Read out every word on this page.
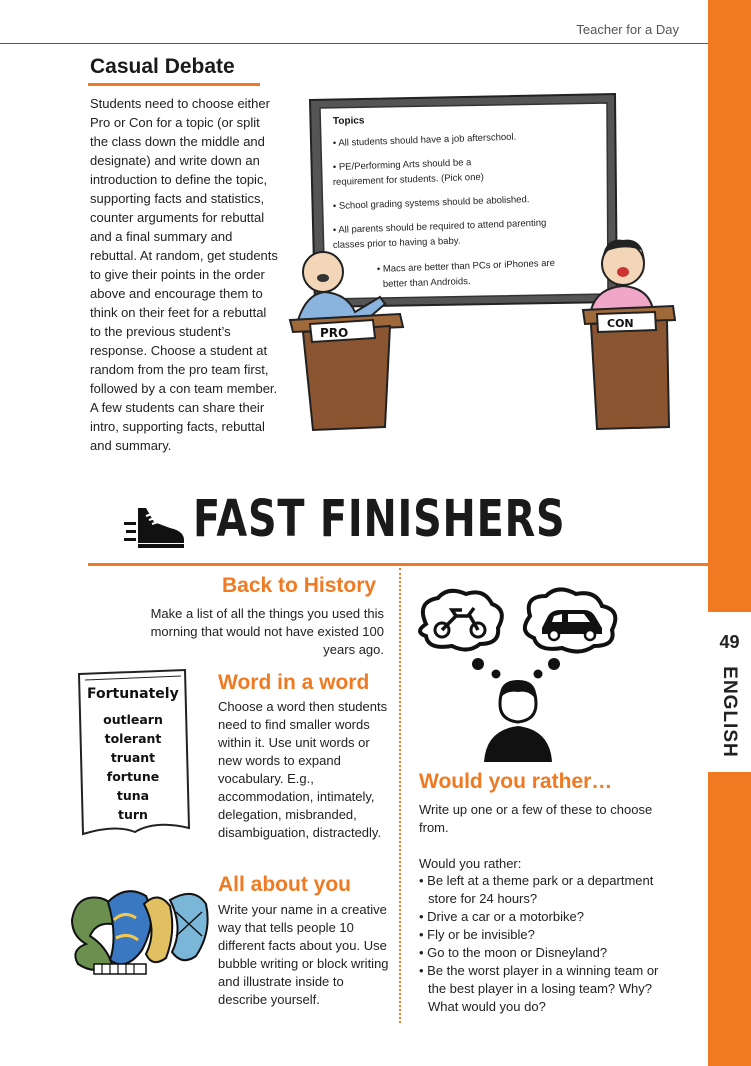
Teacher for a Day
49
ENGLISH
Casual Debate
Students need to choose either Pro or Con for a topic (or split the class down the middle and designate) and write down an introduction to define the topic, supporting facts and statistics, counter arguments for rebuttal and a final summary and rebuttal. At random, get students to give their points in the order above and encourage them to think on their feet for a rebuttal to the previous student’s response. Choose a student at random from the pro team first, followed by a con team member. A few students can share their intro, supporting facts, rebuttal and summary.
Topics
• All students should have a job afterschool.
• PE/Performing Arts should be a
requirement for students. (Pick one)
• School grading systems should be abolished.
• All parents should be required to attend parenting
classes prior to having a baby.
• Macs are better than PCs or iPhones are
better than Androids.
PRO
CON
FAST FINISHERS
Back to History
Make a list of all the things you used this morning that would not have existed 100 years ago.
Fortunately
outlearn
tolerant
truant
fortune
tuna
turn
Word in a word
Choose a word then students need to find smaller words within it. Use unit words or new words to expand vocabulary. E.g., accommodation, intimately, delegation, misbranded, disambiguation, distractedly.
All about you
Write your name in a creative way that tells people 10 different facts about you. Use bubble writing or block writing and illustrate inside to describe yourself.
Would you rather…
Write up one or a few of these to choose from.
Would you rather:
• Be left at a theme park or a department store for 24 hours?
• Drive a car or a motorbike?
• Fly or be invisible?
• Go to the moon or Disneyland?
• Be the worst player in a winning team or the best player in a losing team? Why? What would you do?
